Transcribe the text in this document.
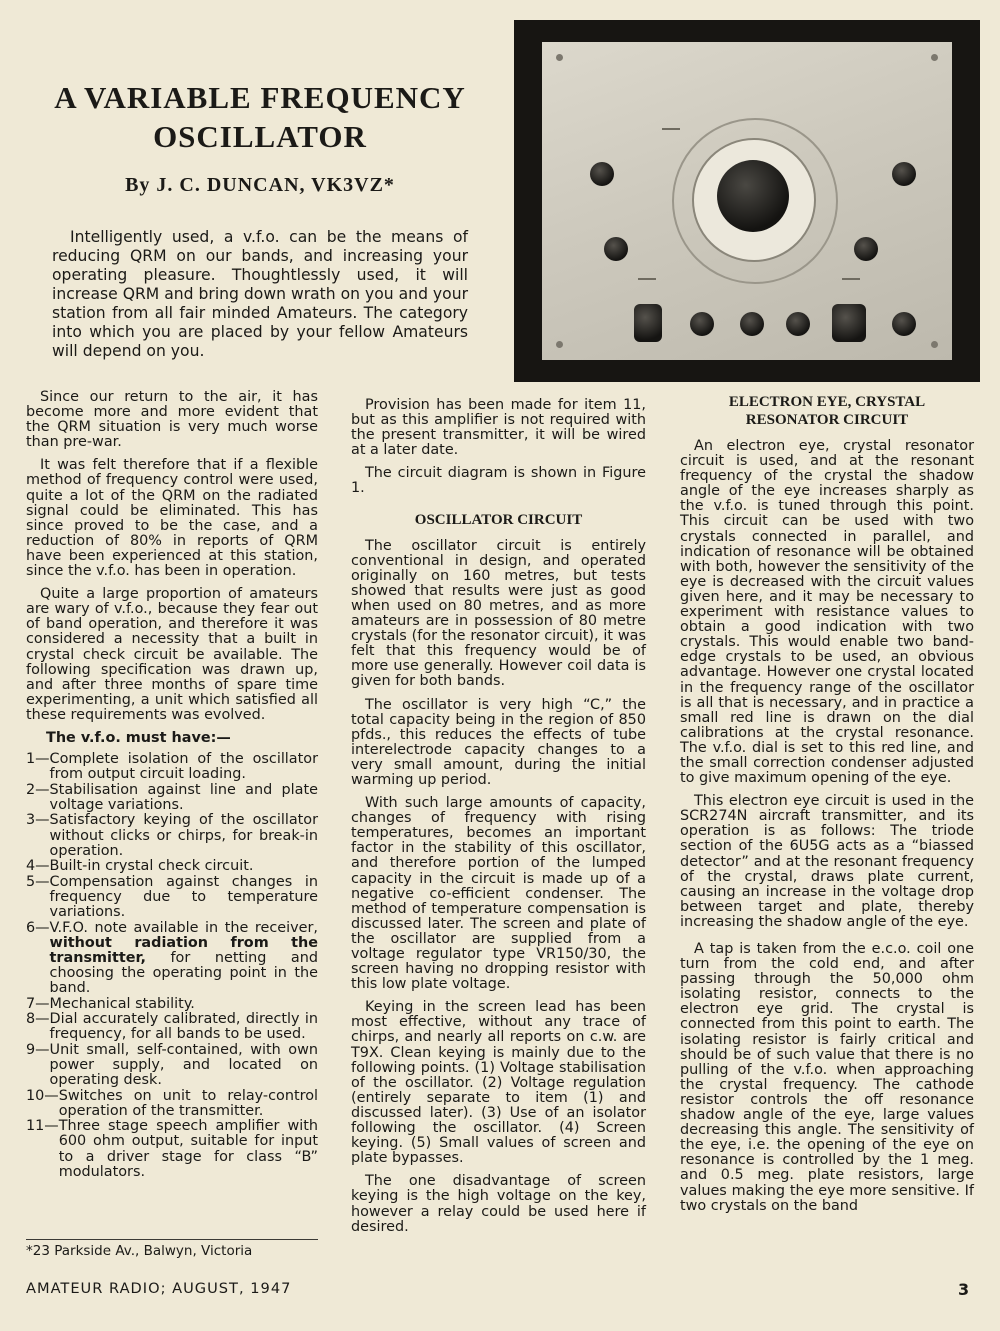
A VARIABLE FREQUENCY OSCILLATOR
By J. C. DUNCAN, VK3VZ*

Intelligently used, a v.f.o. can be the means of reducing QRM on our bands, and increasing your operating pleasure. Thoughtlessly used, it will increase QRM and bring down wrath on you and your station from all fair minded Amateurs. The category into which you are placed by your fellow Amateurs will depend on you.

Since our return to the air, it has become more and more evident that the QRM situation is very much worse than pre-war.

It was felt therefore that if a flexible method of frequency control were used, quite a lot of the QRM on the radiated signal could be eliminated. This has since proved to be the case, and a reduction of 80% in reports of QRM have been experienced at this station, since the v.f.o. has been in operation.

Quite a large proportion of amateurs are wary of v.f.o., because they fear out of band operation, and therefore it was considered a necessity that a built in crystal check circuit be available. The following specification was drawn up, and after three months of spare time experimenting, a unit which satisfied all these requirements was evolved.

The v.f.o. must have:—
1— Complete isolation of the oscillator from output circuit loading.
2— Stabilisation against line and plate voltage variations.
3— Satisfactory keying of the oscillator without clicks or chirps, for break-in operation.
4— Built-in crystal check circuit.
5— Compensation against changes in frequency due to temperature variations.
6— V.F.O. note available in the receiver, without radiation from the transmitter, for netting and choosing the operating point in the band.
7— Mechanical stability.
8— Dial accurately calibrated, directly in frequency, for all bands to be used.
9— Unit small, self-contained, with own power supply, and located on operating desk.
10— Switches on unit to relay-control operation of the transmitter.
11— Three stage speech amplifier with 600 ohm output, suitable for input to a driver stage for class “B” modulators.
*23 Parkside Av., Balwyn, Victoria

Provision has been made for item 11, but as this amplifier is not required with the present transmitter, it will be wired at a later date.

The circuit diagram is shown in Figure 1.

OSCILLATOR CIRCUIT

The oscillator circuit is entirely conventional in design, and operated originally on 160 metres, but tests showed that results were just as good when used on 80 metres, and as more amateurs are in possession of 80 metre crystals (for the resonator circuit), it was felt that this frequency would be of more use generally. However coil data is given for both bands.

The oscillator is very high “C,” the total capacity being in the region of 850 pfds., this reduces the effects of tube interelectrode capacity changes to a very small amount, during the initial warming up period.

With such large amounts of capacity, changes of frequency with rising temperatures, becomes an important factor in the stability of this oscillator, and therefore portion of the lumped capacity in the circuit is made up of a negative co-efficient condenser. The method of temperature compensation is discussed later. The screen and plate of the oscillator are supplied from a voltage regulator type VR150/30, the screen having no dropping resistor with this low plate voltage.

Keying in the screen lead has been most effective, without any trace of chirps, and nearly all reports on c.w. are T9X. Clean keying is mainly due to the following points. (1) Voltage stabilisation of the oscillator. (2) Voltage regulation (entirely separate to item (1) and discussed later). (3) Use of an isolator following the oscillator. (4) Screen keying. (5) Small values of screen and plate bypasses.

The one disadvantage of screen keying is the high voltage on the key, however a relay could be used here if desired.

ELECTRON EYE, CRYSTAL RESONATOR CIRCUIT

An electron eye, crystal resonator circuit is used, and at the resonant frequency of the crystal the shadow angle of the eye increases sharply as the v.f.o. is tuned through this point. This circuit can be used with two crystals connected in parallel, and indication of resonance will be obtained with both, however the sensitivity of the eye is decreased with the circuit values given here, and it may be necessary to experiment with resistance values to obtain a good indication with two crystals. This would enable two band-edge crystals to be used, an obvious advantage. However one crystal located in the frequency range of the oscillator is all that is necessary, and in practice a small red line is drawn on the dial calibrations at the crystal resonance. The v.f.o. dial is set to this red line, and the small correction condenser adjusted to give maximum opening of the eye.

This electron eye circuit is used in the SCR274N aircraft transmitter, and its operation is as follows: The triode section of the 6U5G acts as a “biassed detector” and at the resonant frequency of the crystal, draws plate current, causing an increase in the voltage drop between target and plate, thereby increasing the shadow angle of the eye.

A tap is taken from the e.c.o. coil one turn from the cold end, and after passing through the 50,000 ohm isolating resistor, connects to the electron eye grid. The crystal is connected from this point to earth. The isolating resistor is fairly critical and should be of such value that there is no pulling of the v.f.o. when approaching the crystal frequency. The cathode resistor controls the off resonance shadow angle of the eye, large values decreasing this angle. The sensitivity of the eye, i.e. the opening of the eye on resonance is controlled by the 1 meg. and 0.5 meg. plate resistors, large values making the eye more sensitive. If two crystals on the band

AMATEUR RADIO; AUGUST, 1947	3
